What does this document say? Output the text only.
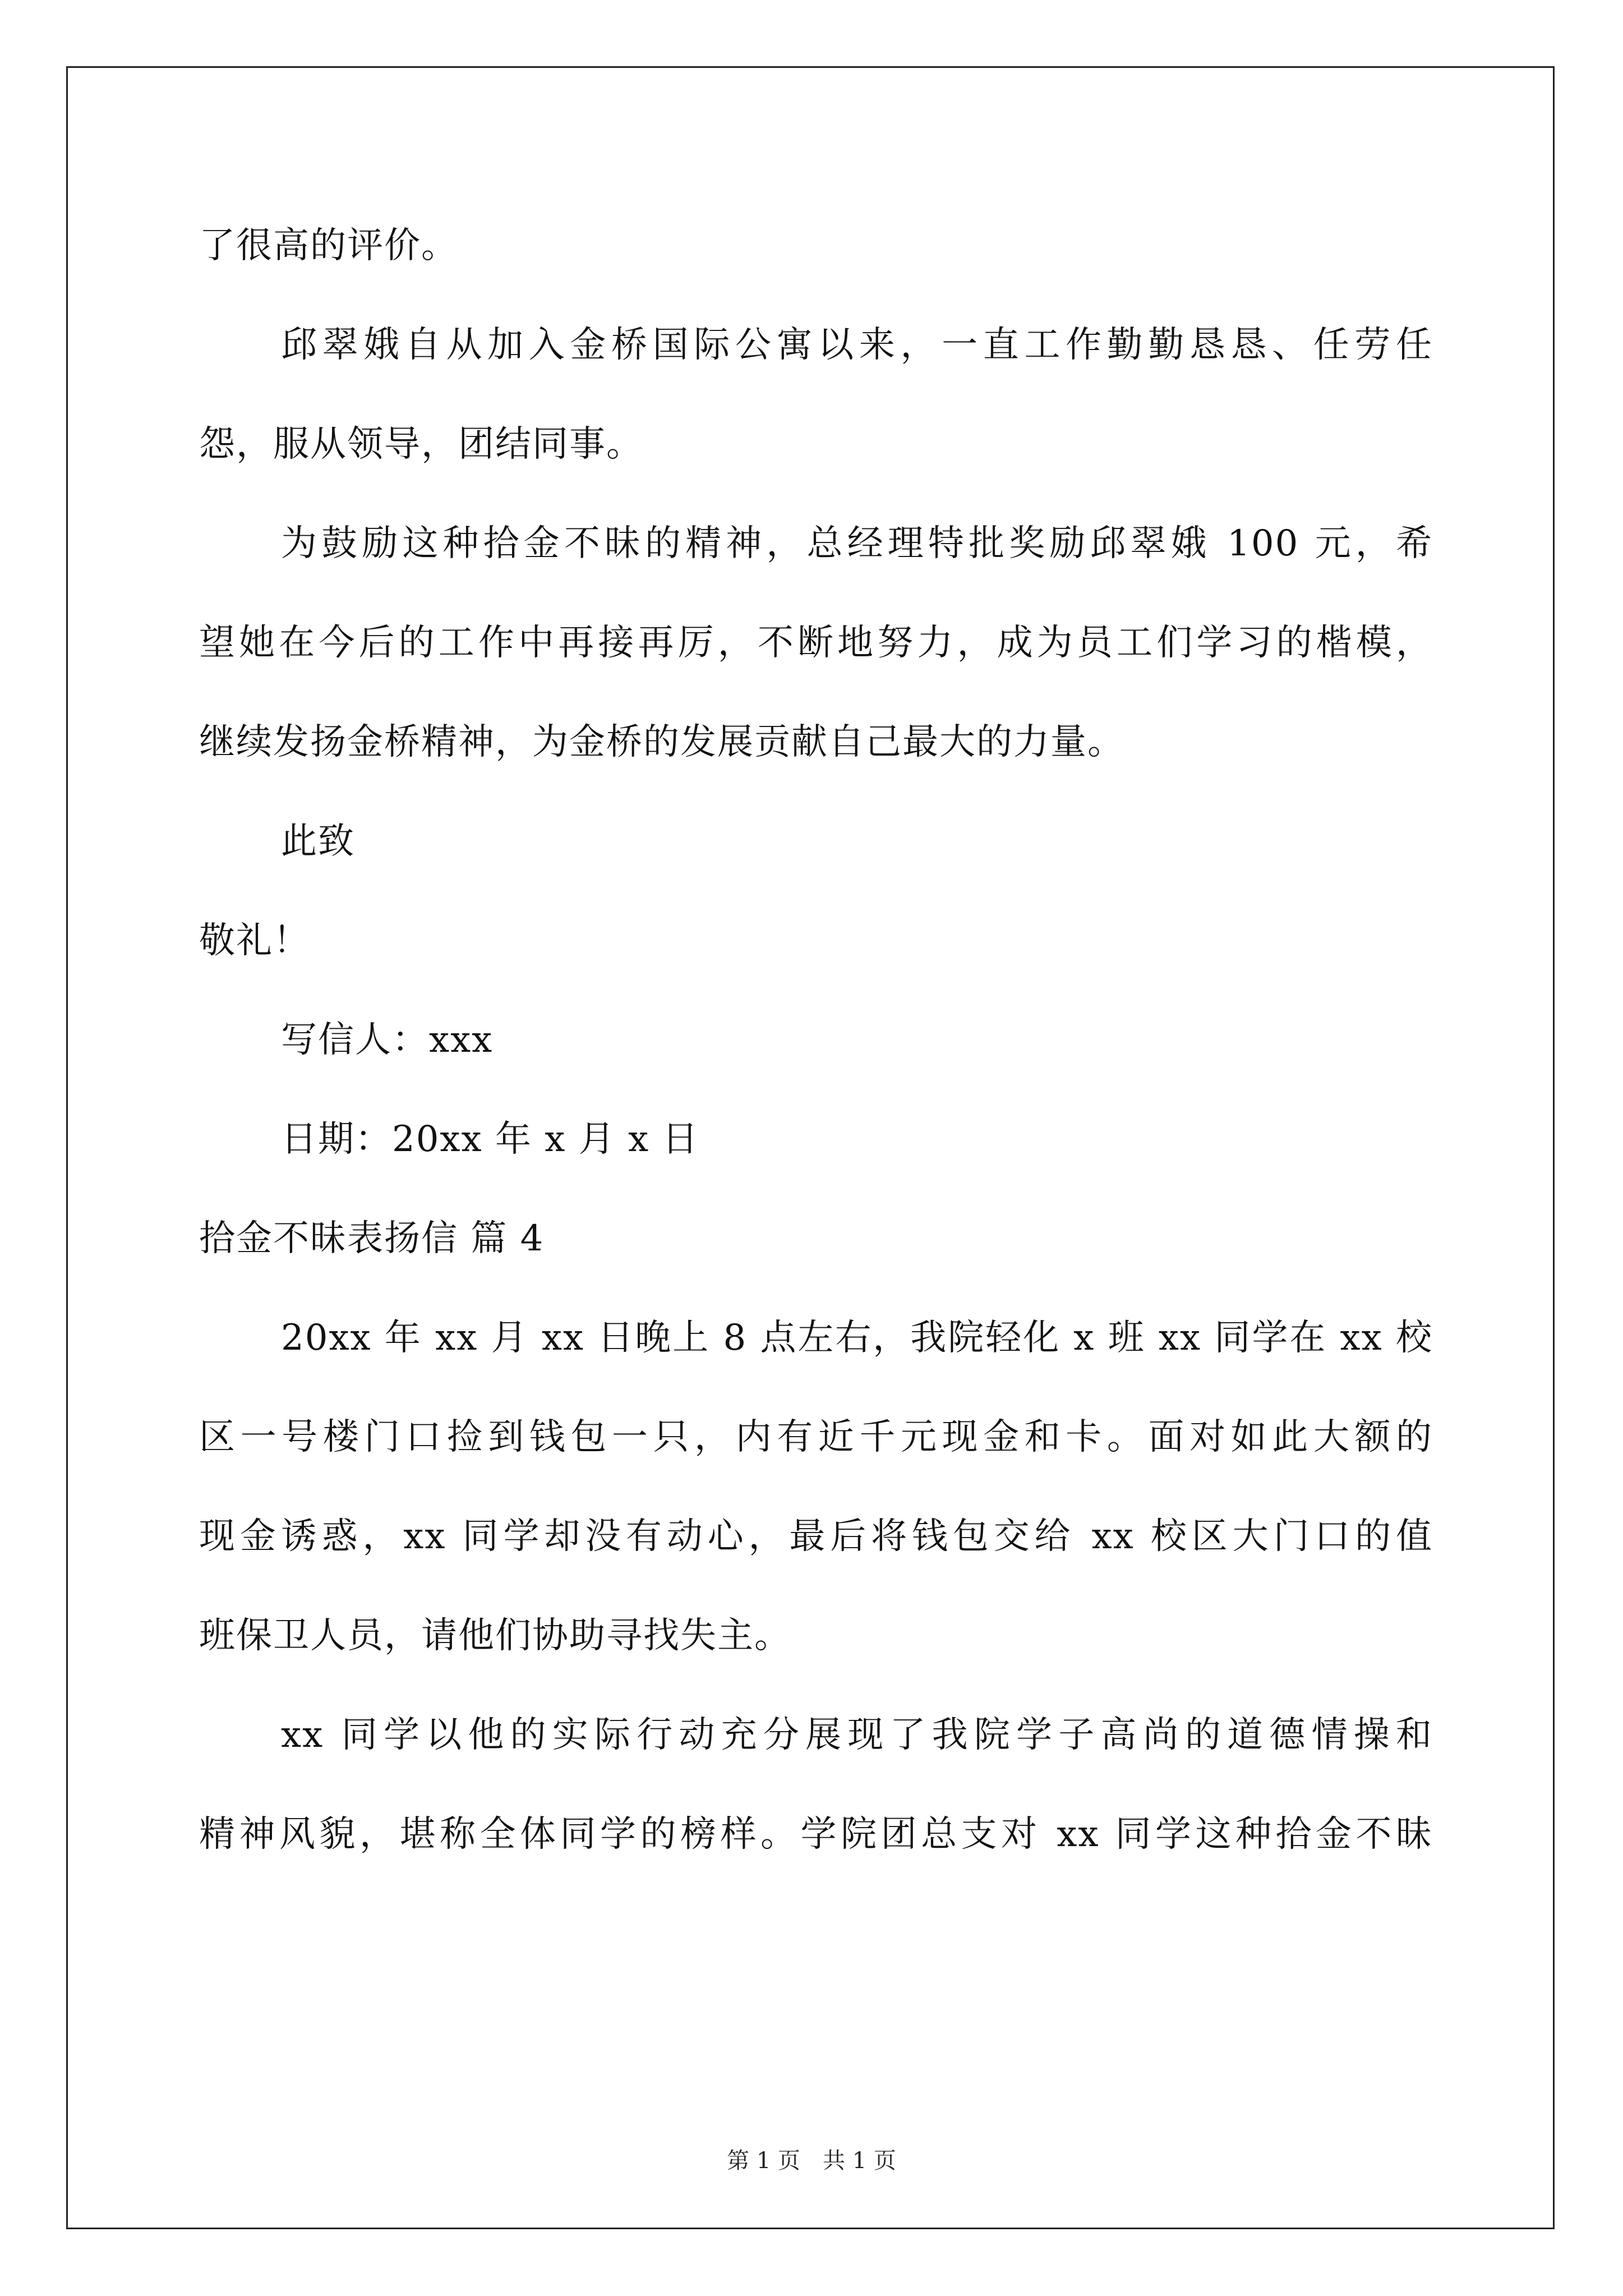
了很高的评价。
邱翠娥自从加入金桥国际公寓以来，一直工作勤勤恳恳、任劳任
怨，服从领导，团结同事。
为鼓励这种拾金不昧的精神，总经理特批奖励邱翠娥 100 元，希
望她在今后的工作中再接再厉，不断地努力，成为员工们学习的楷模，
继续发扬金桥精神，为金桥的发展贡献自己最大的力量。
此致
敬礼！
写信人：xxx
日期：20xx 年 x 月 x 日
拾金不昧表扬信 篇 4
20xx 年 xx 月 xx 日晚上 8 点左右，我院轻化 x 班 xx 同学在 xx 校
区一号楼门口捡到钱包一只，内有近千元现金和卡。面对如此大额的
现金诱惑，xx 同学却没有动心，最后将钱包交给 xx 校区大门口的值
班保卫人员，请他们协助寻找失主。
xx 同学以他的实际行动充分展现了我院学子高尚的道德情操和
精神风貌，堪称全体同学的榜样。学院团总支对 xx 同学这种拾金不昧
第 1 页　共 1 页
